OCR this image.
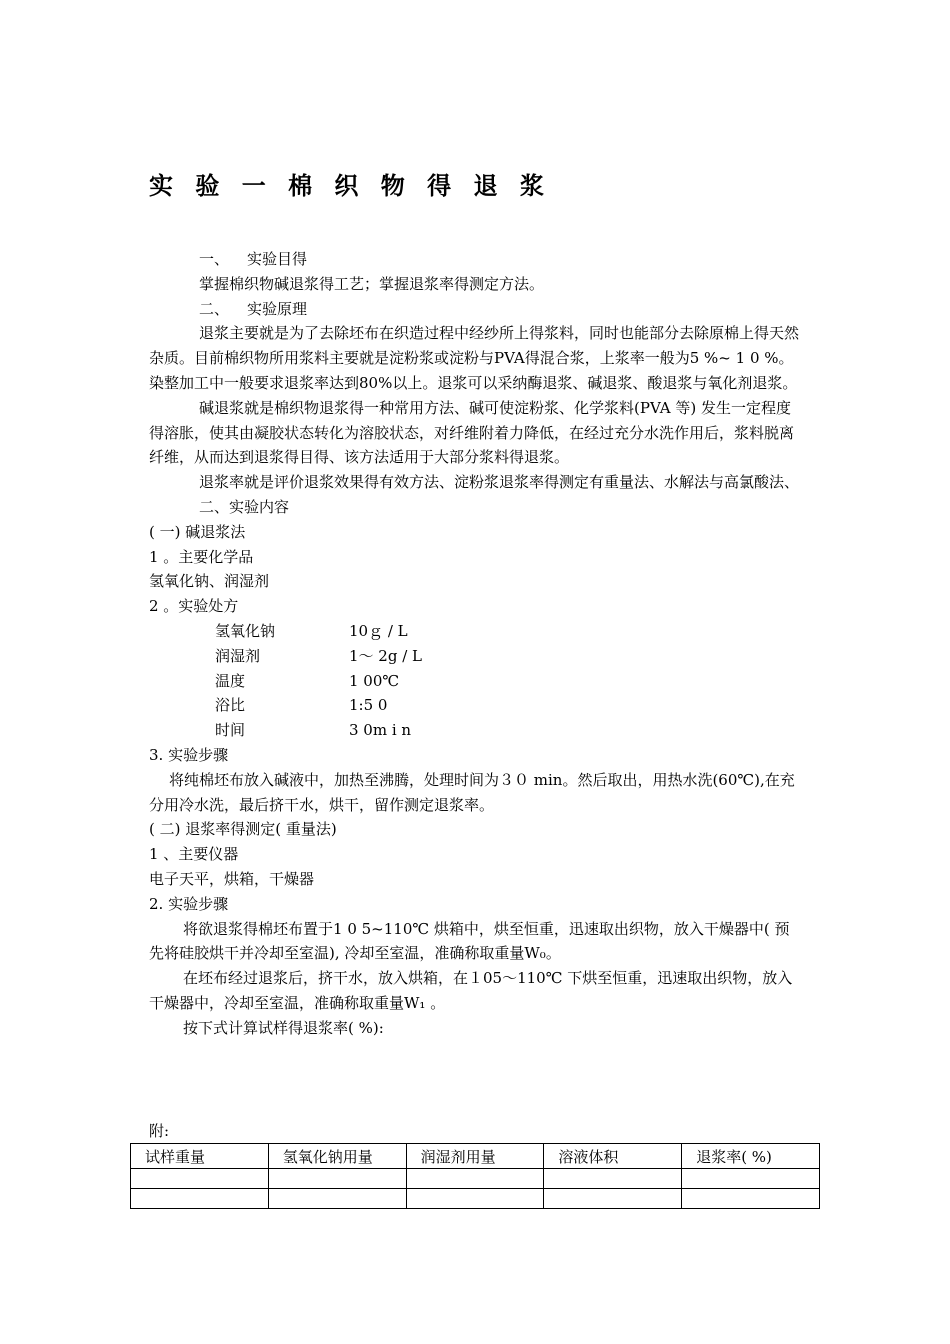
实 验 一 棉 织 物 得 退 浆

一、 实验目得

掌握棉织物碱退浆得工艺；掌握退浆率得测定方法。

二、 实验原理

退浆主要就是为了去除坯布在织造过程中经纱所上得浆料，同时也能部分去除原棉上得天然杂质。目前棉织物所用浆料主要就是淀粉浆或淀粉与PVA得混合浆，上浆率一般为5 %~ 1 0 %。染整加工中一般要求退浆率达到80%以上。退浆可以采纳酶退浆、碱退浆、酸退浆与氧化剂退浆。

碱退浆就是棉织物退浆得一种常用方法、碱可使淀粉浆、化学浆料(PVA 等) 发生一定程度得溶胀，使其由凝胶状态转化为溶胶状态，对纤维附着力降低，在经过充分水洗作用后，浆料脱离纤维，从而达到退浆得目得、该方法适用于大部分浆料得退浆。

退浆率就是评价退浆效果得有效方法、淀粉浆退浆率得测定有重量法、水解法与高氯酸法、

二、实验内容

( 一) 碱退浆法

1 。主要化学品

氢氧化钠、润湿剂

2 。实验处方

氢氧化钠	10ｇ / L
润湿剂	1～ 2g / L
温度	1 00℃
浴比	1:5 0
时间	3 0m i n

3. 实验步骤

将纯棉坯布放入碱液中，加热至沸腾，处理时间为３０ min。然后取出，用热水洗(60℃),在充分用冷水洗，最后挤干水，烘干，留作测定退浆率。

( 二) 退浆率得测定( 重量法)

1 、主要仪器

电子天平，烘箱，干燥器

2. 实验步骤

将欲退浆得棉坯布置于1 0 5~110℃ 烘箱中，烘至恒重，迅速取出织物，放入干燥器中( 预先将硅胶烘干并冷却至室温), 冷却至室温，准确称取重量W₀。

在坯布经过退浆后，挤干水，放入烘箱，在１05～110℃ 下烘至恒重，迅速取出织物，放入干燥器中，冷却至室温，准确称取重量W₁ 。

按下式计算试样得退浆率( %):

附:
试样重量	氢氧化钠用量	润湿剂用量	溶液体积	退浆率( %)
